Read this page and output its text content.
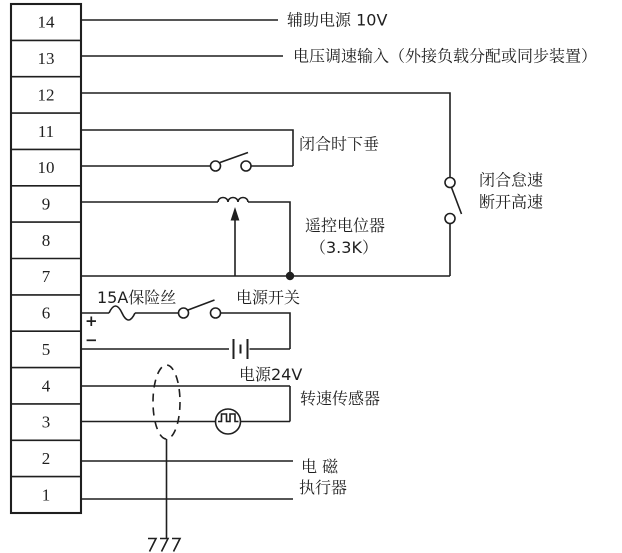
14
13
12
11
10
9
8
7
6
5
4
3
2
1
辅助电源 10V
电压调速输入（外接负载分配或同步装置）
闭合时下垂
闭合怠速
断开高速
遥控电位器
（3.3K）
15A保险丝	电源开关
+
−
电源24V
转速传感器
电 磁
执行器
